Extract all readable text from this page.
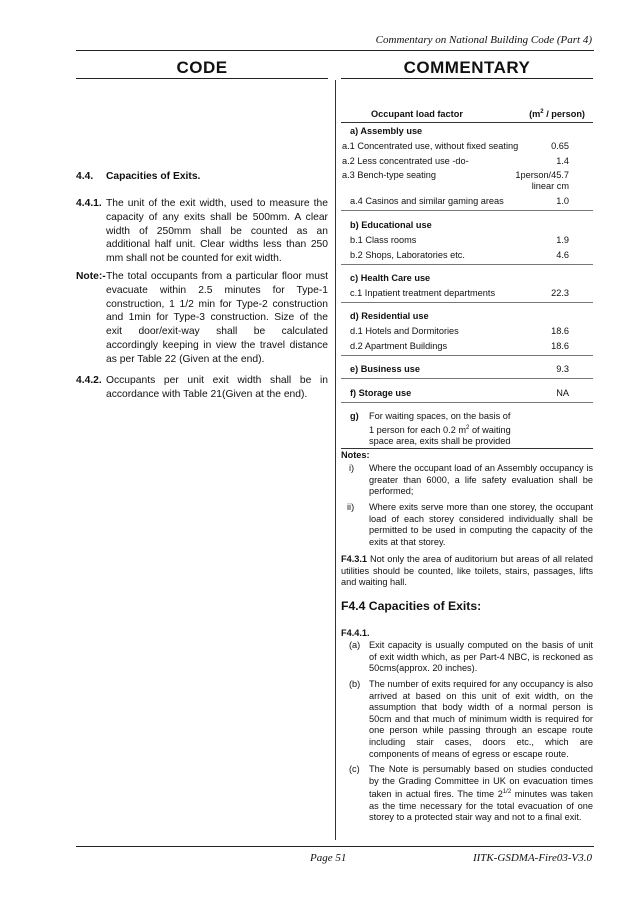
Commentary on National Building Code (Part 4)
CODE	COMMENTARY
4.4. Capacities of Exits.
4.4.1. The unit of the exit width, used to measure the capacity of any exits shall be 500mm. A clear width of 250mm shall be counted as an additional half unit. Clear widths less than 250 mm shall not be counted for exit width.
Note:- The total occupants from a particular floor must evacuate within 2.5 minutes for Type-1 construction, 1 1/2 min for Type-2 construction and 1min for Type-3 construction. Size of the exit door/exit-way shall be calculated accordingly keeping in view the travel distance as per Table 22 (Given at the end).
4.4.2. Occupants per unit exit width shall be in accordance with Table 21(Given at the end).
Occupant load factor	($m^2$ / person)
a) Assembly use
a.1 Concentrated use, without fixed seating	0.65
a.2 Less concentrated use -do-	1.4
a.3 Bench-type seating	1person/45.7
linear cm
a.4 Casinos and similar gaming areas	1.0
b) Educational use
b.1 Class rooms	1.9
b.2 Shops, Laboratories etc.	4.6
c) Health Care use
c.1 Inpatient treatment departments	22.3
d) Residential use
d.1 Hotels and Dormitories	18.6
d.2 Apartment Buildings	18.6
e) Business use	9.3
f) Storage use	NA
g) For waiting spaces, on the basis of
1 person for each 0.2 $m^2$ of waiting
space area, exits shall be provided
Notes:
i) Where the occupant load of an Assembly occupancy is greater than 6000, a life safety evaluation shall be performed;
ii) Where exits serve more than one storey, the occupant load of each storey considered individually shall be permitted to be used in computing the capacity of the exits at that storey.
F4.3.1 Not only the area of auditorium but areas of all related utilities should be counted, like toilets, stairs, passages, lifts and waiting hall.
F4.4 Capacities of Exits:
F4.4.1.
(a) Exit capacity is usually computed on the basis of unit of exit width which, as per Part-4 NBC, is reckoned as 50cms(approx. 20 inches).
(b) The number of exits required for any occupancy is also arrived at based on this unit of exit width, on the assumption that body width of a normal person is 50cm and that much of minimum width is required for one person while passing through an escape route including stair cases, doors etc., which are components of means of egress or escape route.
(c) The Note is persumably based on studies conducted by the Grading Committee in UK on evacuation times taken in actual fires. The time $2^{1/2}$ minutes was taken as the time necessary for the total evacuation of one storey to a protected stair way and not to a final exit.
Page 51	IITK-GSDMA-Fire03-V3.0
